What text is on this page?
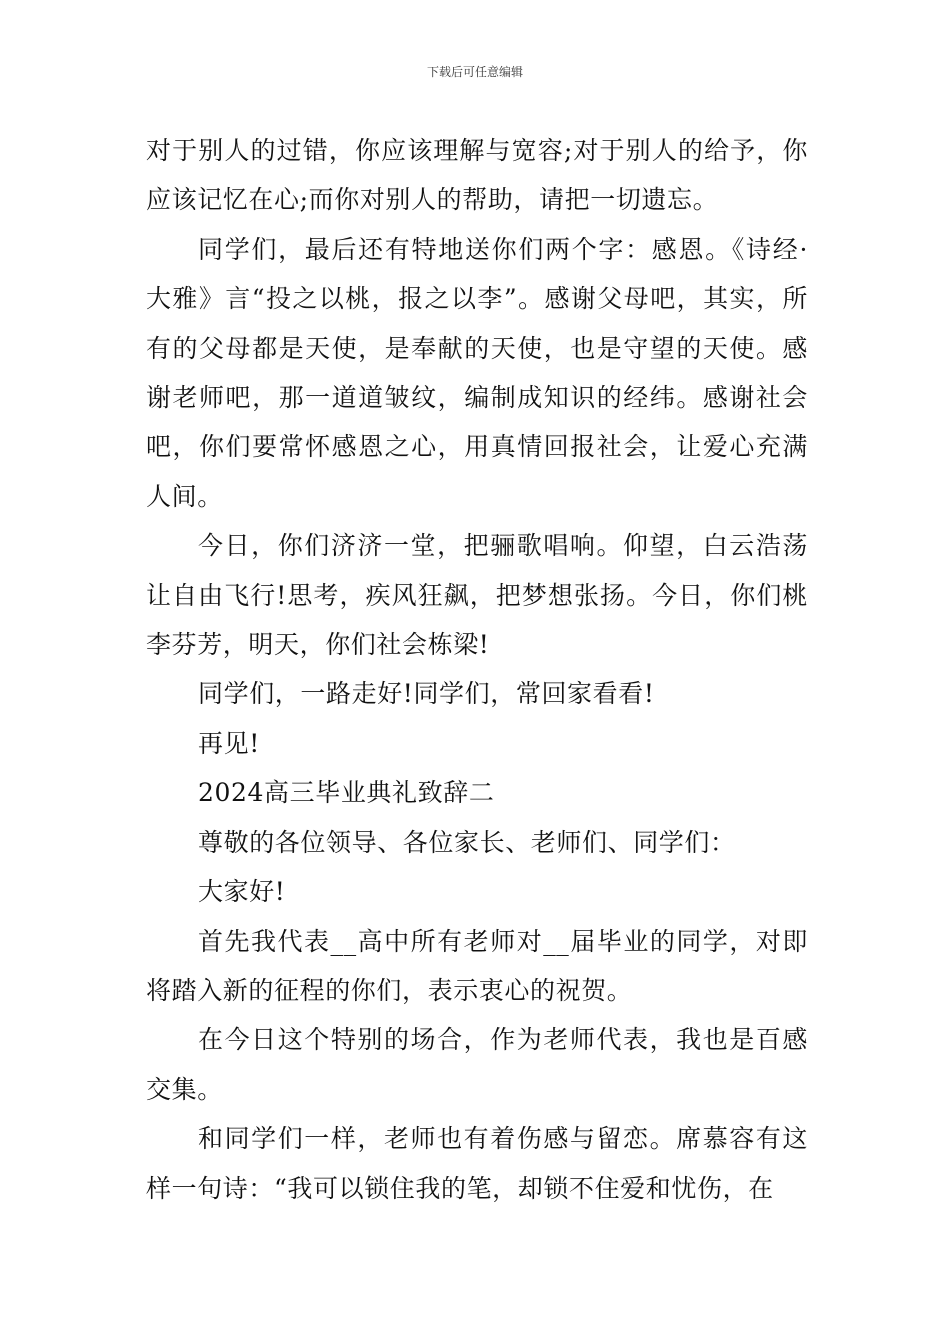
下载后可任意编辑

对于别人的过错，你应该理解与宽容;对于别人的给予，你应该记忆在心;而你对别人的帮助，请把一切遗忘。

同学们，最后还有特地送你们两个字：感恩。《诗经·大雅》言“投之以桃，报之以李”。感谢父母吧，其实，所有的父母都是天使，是奉献的天使，也是守望的天使。感谢老师吧，那一道道皱纹，编制成知识的经纬。感谢社会吧，你们要常怀感恩之心，用真情回报社会，让爱心充满人间。

今日，你们济济一堂，把骊歌唱响。仰望，白云浩荡让自由飞行!思考，疾风狂飙，把梦想张扬。今日，你们桃李芬芳，明天，你们社会栋梁!

同学们，一路走好!同学们，常回家看看!

再见!

2024高三毕业典礼致辞二

尊敬的各位领导、各位家长、老师们、同学们：

大家好!

首先我代表__高中所有老师对__届毕业的同学，对即将踏入新的征程的你们，表示衷心的祝贺。

在今日这个特别的场合，作为老师代表，我也是百感交集。

和同学们一样，老师也有着伤感与留恋。席慕容有这样一句诗：“我可以锁住我的笔，却锁不住爱和忧伤，在
